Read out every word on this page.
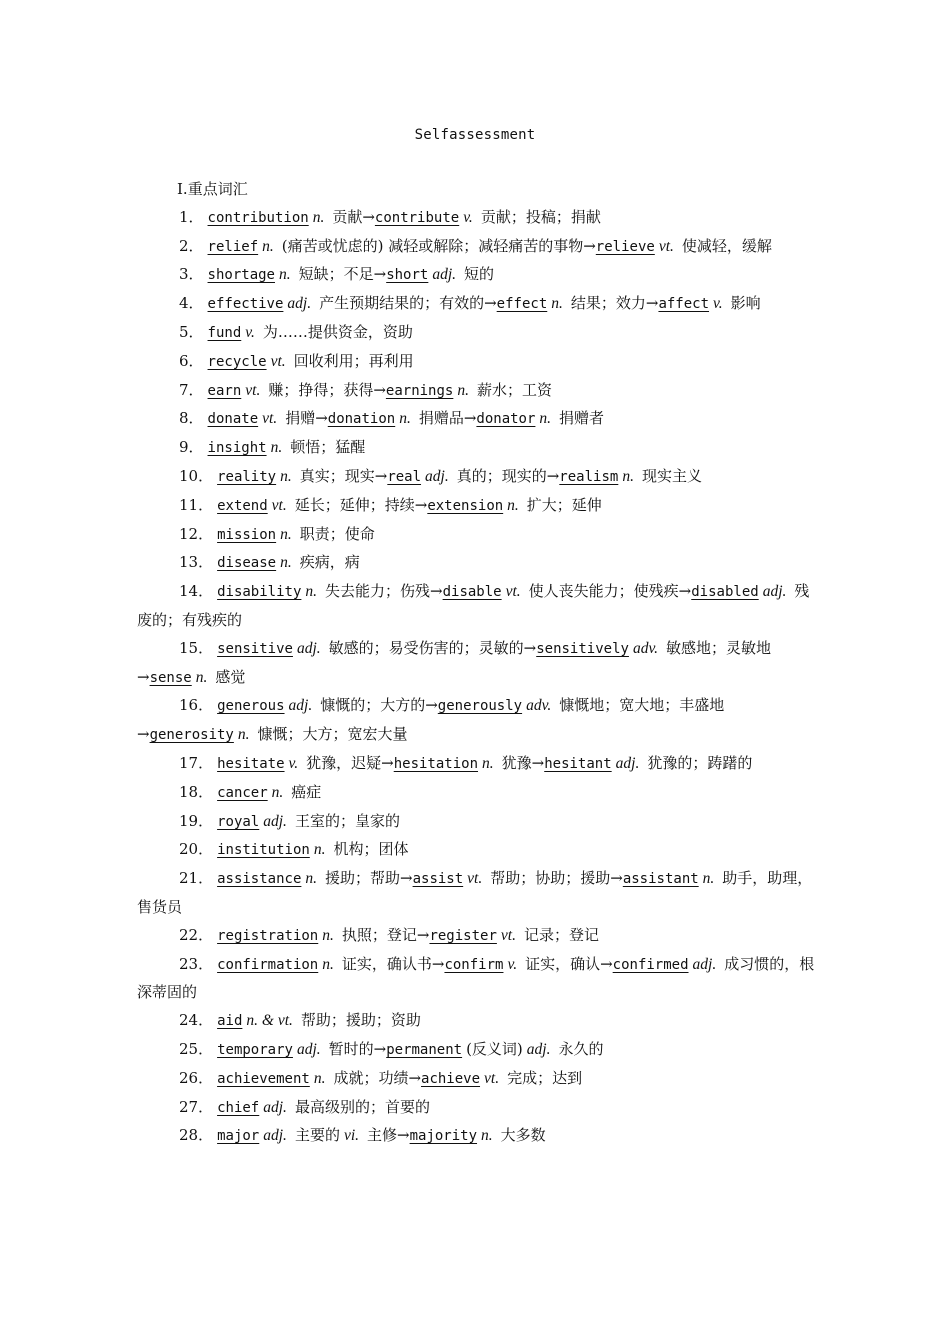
Selfassessment
Ⅰ.重点词汇

1． contribution n. 贡献→contribute v. 贡献；投稿；捐献

2． relief n. (痛苦或忧虑的) 减轻或解除；减轻痛苦的事物→relieve vt. 使减轻，缓解

3． shortage n. 短缺；不足→short adj. 短的

4． effective adj. 产生预期结果的；有效的→effect n. 结果；效力→affect v. 影响

5． fund v. 为……提供资金，资助

6． recycle vt. 回收利用；再利用

7． earn vt. 赚；挣得；获得→earnings n. 薪水；工资

8． donate vt. 捐赠→donation n. 捐赠品→donator n. 捐赠者

9． insight n. 顿悟；猛醒

10． reality n. 真实；现实→real adj. 真的；现实的→realism n. 现实主义

11． extend vt. 延长；延伸；持续→extension n. 扩大；延伸

12． mission n. 职责；使命

13． disease n. 疾病，病

14． disability n. 失去能力；伤残→disable vt. 使人丧失能力；使残疾→disabled adj. 残废的；有残疾的

15． sensitive adj. 敏感的；易受伤害的；灵敏的→sensitively adv. 敏感地；灵敏地→sense n. 感觉

16． generous adj. 慷慨的；大方的→generously adv. 慷慨地；宽大地；丰盛地→generosity n. 慷慨；大方；宽宏大量

17． hesitate v. 犹豫，迟疑→hesitation n. 犹豫→hesitant adj. 犹豫的；踌躇的

18． cancer n. 癌症

19． royal adj. 王室的；皇家的

20． institution n. 机构；团体

21． assistance n. 援助；帮助→assist vt. 帮助；协助；援助→assistant n. 助手，助理，售货员

22． registration n. 执照；登记→register vt. 记录；登记

23． confirmation n. 证实，确认书→confirm v. 证实，确认→confirmed adj. 成习惯的，根深蒂固的

24． aid n. & vt. 帮助；援助；资助

25． temporary adj. 暂时的→permanent (反义词) adj. 永久的

26． achievement n. 成就；功绩→achieve vt. 完成；达到

27． chief adj. 最高级别的；首要的

28． major adj. 主要的 vi. 主修→majority n. 大多数
